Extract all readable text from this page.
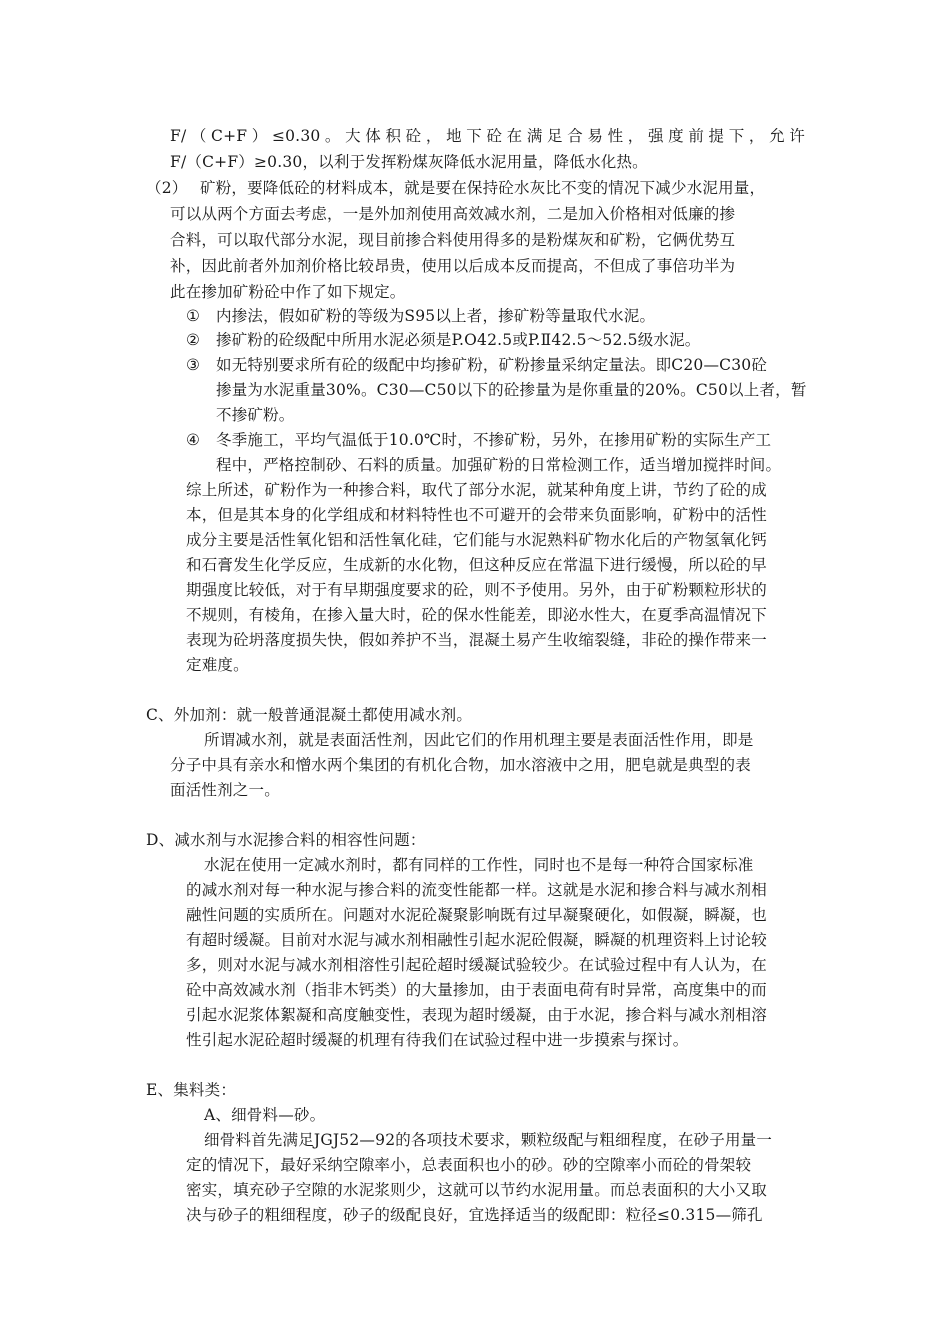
F/（C+F）≤0.30。大体积砼，地下砼在满足合易性，强度前提下，允许
F/（C+F）≥0.30，以利于发挥粉煤灰降低水泥用量，降低水化热。
（2） 矿粉，要降低砼的材料成本，就是要在保持砼水灰比不变的情况下减少水泥用量，
可以从两个方面去考虑，一是外加剂使用高效减水剂，二是加入价格相对低廉的掺
合料，可以取代部分水泥，现目前掺合料使用得多的是粉煤灰和矿粉，它俩优势互
补，因此前者外加剂价格比较昂贵，使用以后成本反而提高，不但成了事倍功半为
此在掺加矿粉砼中作了如下规定。
① 内掺法，假如矿粉的等级为S95以上者，掺矿粉等量取代水泥。
② 掺矿粉的砼级配中所用水泥必须是P.O42.5或P.Ⅱ42.5～52.5级水泥。
③ 如无特别要求所有砼的级配中均掺矿粉，矿粉掺量采纳定量法。即C20—C30砼
掺量为水泥重量30%。C30—C50以下的砼掺量为是你重量的20%。C50以上者，暂
不掺矿粉。
④ 冬季施工，平均气温低于10.0℃时，不掺矿粉，另外，在掺用矿粉的实际生产工
程中，严格控制砂、石料的质量。加强矿粉的日常检测工作，适当增加搅拌时间。
综上所述，矿粉作为一种掺合料，取代了部分水泥，就某种角度上讲，节约了砼的成
本，但是其本身的化学组成和材料特性也不可避开的会带来负面影响，矿粉中的活性
成分主要是活性氧化铝和活性氧化硅，它们能与水泥熟料矿物水化后的产物氢氧化钙
和石膏发生化学反应，生成新的水化物，但这种反应在常温下进行缓慢，所以砼的早
期强度比较低，对于有早期强度要求的砼，则不予使用。另外，由于矿粉颗粒形状的
不规则，有棱角，在掺入量大时，砼的保水性能差，即泌水性大，在夏季高温情况下
表现为砼坍落度损失快，假如养护不当，混凝土易产生收缩裂缝，非砼的操作带来一
定难度。
C、外加剂：就一般普通混凝土都使用减水剂。
所谓减水剂，就是表面活性剂，因此它们的作用机理主要是表面活性作用，即是
分子中具有亲水和憎水两个集团的有机化合物，加水溶液中之用，肥皂就是典型的表
面活性剂之一。
D、减水剂与水泥掺合料的相容性问题：
水泥在使用一定减水剂时，都有同样的工作性，同时也不是每一种符合国家标准
的减水剂对每一种水泥与掺合料的流变性能都一样。这就是水泥和掺合料与减水剂相
融性问题的实质所在。问题对水泥砼凝聚影响既有过早凝聚硬化，如假凝，瞬凝，也
有超时缓凝。目前对水泥与减水剂相融性引起水泥砼假凝，瞬凝的机理资料上讨论较
多，则对水泥与减水剂相溶性引起砼超时缓凝试验较少。在试验过程中有人认为，在
砼中高效减水剂（指非木钙类）的大量掺加，由于表面电荷有时异常，高度集中的而
引起水泥浆体絮凝和高度触变性，表现为超时缓凝，由于水泥，掺合料与减水剂相溶
性引起水泥砼超时缓凝的机理有待我们在试验过程中进一步摸索与探讨。
E、集料类：
A、细骨料—砂。
细骨料首先满足JGJ52—92的各项技术要求，颗粒级配与粗细程度，在砂子用量一
定的情况下，最好采纳空隙率小，总表面积也小的砂。砂的空隙率小而砼的骨架较
密实，填充砂子空隙的水泥浆则少，这就可以节约水泥用量。而总表面积的大小又取
决与砂子的粗细程度，砂子的级配良好，宜选择适当的级配即：粒径≤0.315—筛孔
